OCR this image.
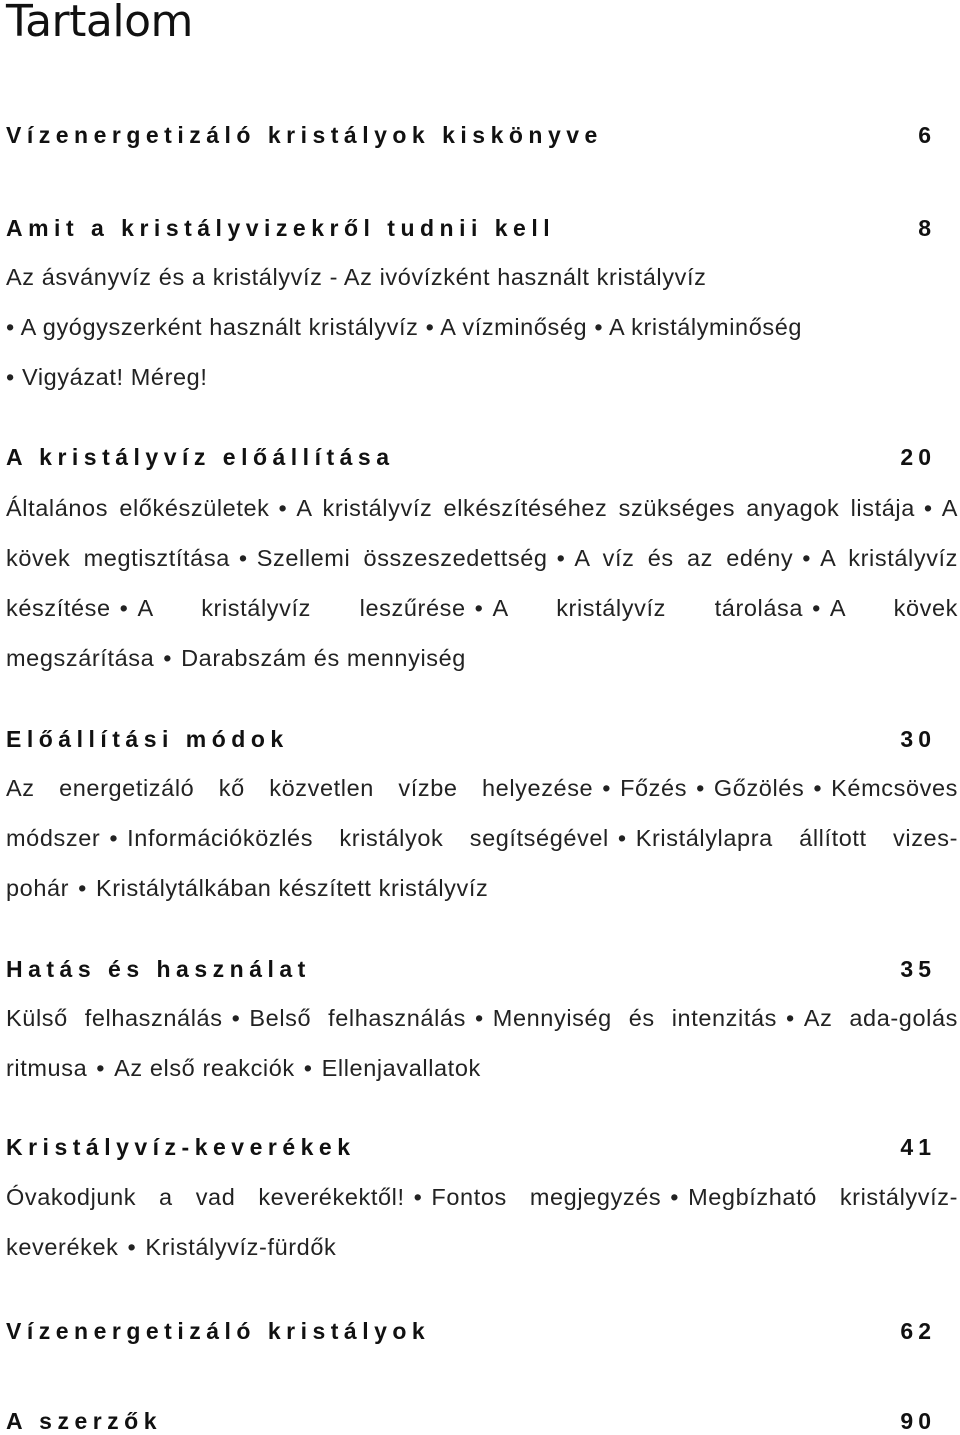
Tartalom
Vízenergetizáló kristályok kiskönyve	6
Amit a kristályvizekről tudnii kell	8
Az ásványvíz és a kristályvíz - Az ivóvízként használt kristályvíz
• A gyógyszerként használt kristályvíz • A vízminőség • A kristályminőség
• Vigyázat! Méreg!
A kristályvíz előállítása	20
Általános előkészületek • A kristályvíz elkészítéséhez szükséges anyagok listája • A kövek megtisztítása • Szellemi összeszedettség • A víz és az edény • A kristályvíz készítése • A kristályvíz leszűrése • A kristályvíz tárolása • A kövek megszárítása • Darabszám és mennyiség
Előállítási módok	30
Az energetizáló kő közvetlen vízbe helyezése • Főzés • Gőzölés • Kémcsöves módszer • Információközlés kristályok segítségével • Kristálylapra állított vizes-pohár • Kristálytálkában készített kristályvíz
Hatás és használat	35
Külső felhasználás • Belső felhasználás • Mennyiség és intenzitás • Az ada-golás ritmusa • Az első reakciók • Ellenjavallatok
Kristályvíz-keverékek	41
Óvakodjunk a vad keverékektől! • Fontos megjegyzés • Megbízható kristályvíz-keverékek • Kristályvíz-fürdők
Vízenergetizáló kristályok	62
A szerzők	90
